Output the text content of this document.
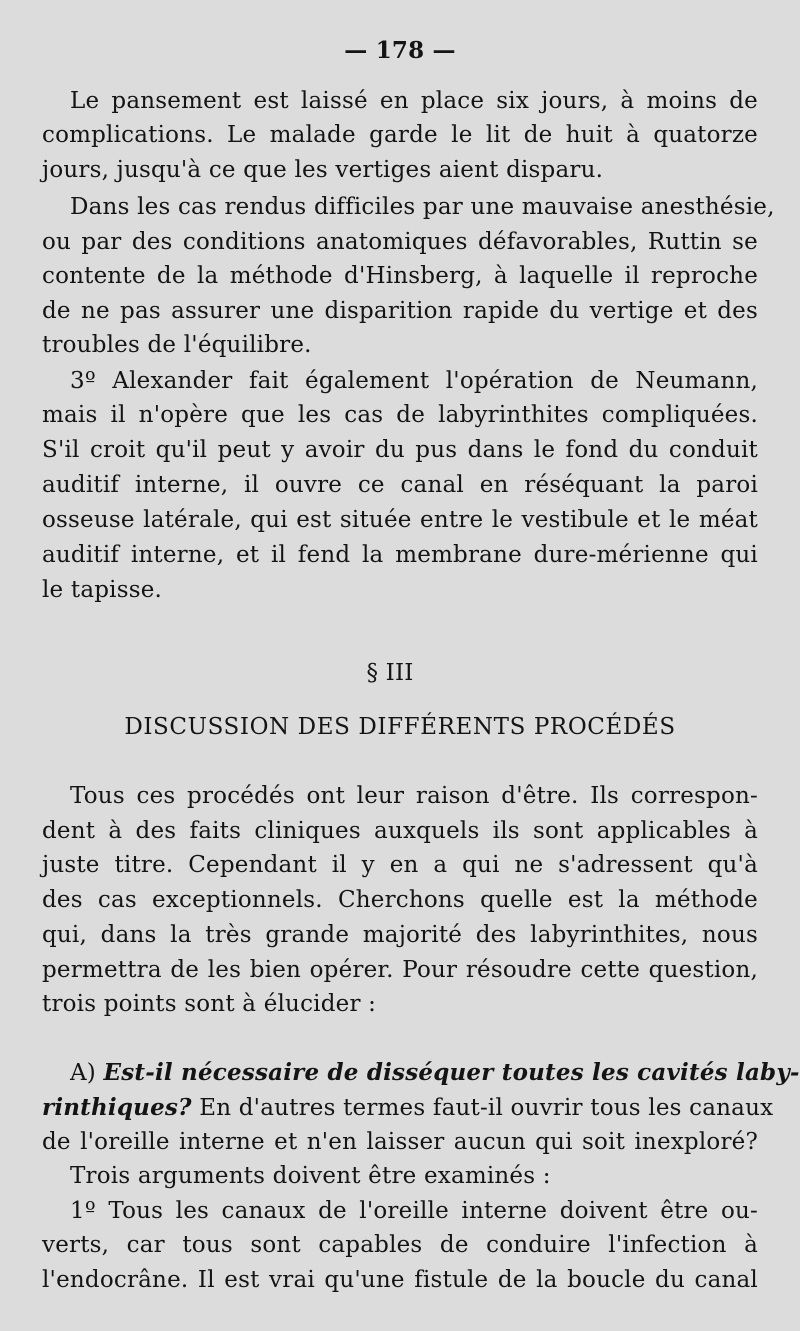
— 178 —
Le pansement est laissé en place six jours, à moins de
complications. Le malade garde le lit de huit à quatorze
jours, jusqu'à ce que les vertiges aient disparu.
Dans les cas rendus difficiles par une mauvaise anesthésie,
ou par des conditions anatomiques défavorables, Ruttin se
contente de la méthode d'Hinsberg, à laquelle il reproche
de ne pas assurer une disparition rapide du vertige et des
troubles de l'équilibre.
3º Alexander fait également l'opération de Neumann,
mais il n'opère que les cas de labyrinthites compliquées.
S'il croit qu'il peut y avoir du pus dans le fond du conduit
auditif interne, il ouvre ce canal en réséquant la paroi
osseuse latérale, qui est située entre le vestibule et le méat
auditif interne, et il fend la membrane dure-mérienne qui
le tapisse.
§ III
DISCUSSION DES DIFFÉRENTS PROCÉDÉS
Tous ces procédés ont leur raison d'être. Ils correspon-
dent à des faits cliniques auxquels ils sont applicables à
juste titre. Cependant il y en a qui ne s'adressent qu'à
des cas exceptionnels. Cherchons quelle est la méthode
qui, dans la très grande majorité des labyrinthites, nous
permettra de les bien opérer. Pour résoudre cette question,
trois points sont à élucider :
A) Est-il nécessaire de disséquer toutes les cavités laby-
rinthiques? En d'autres termes faut-il ouvrir tous les canaux
de l'oreille interne et n'en laisser aucun qui soit inexploré?
Trois arguments doivent être examinés :
1º Tous les canaux de l'oreille interne doivent être ou-
verts, car tous sont capables de conduire l'infection à
l'endocrâne. Il est vrai qu'une fistule de la boucle du canal
